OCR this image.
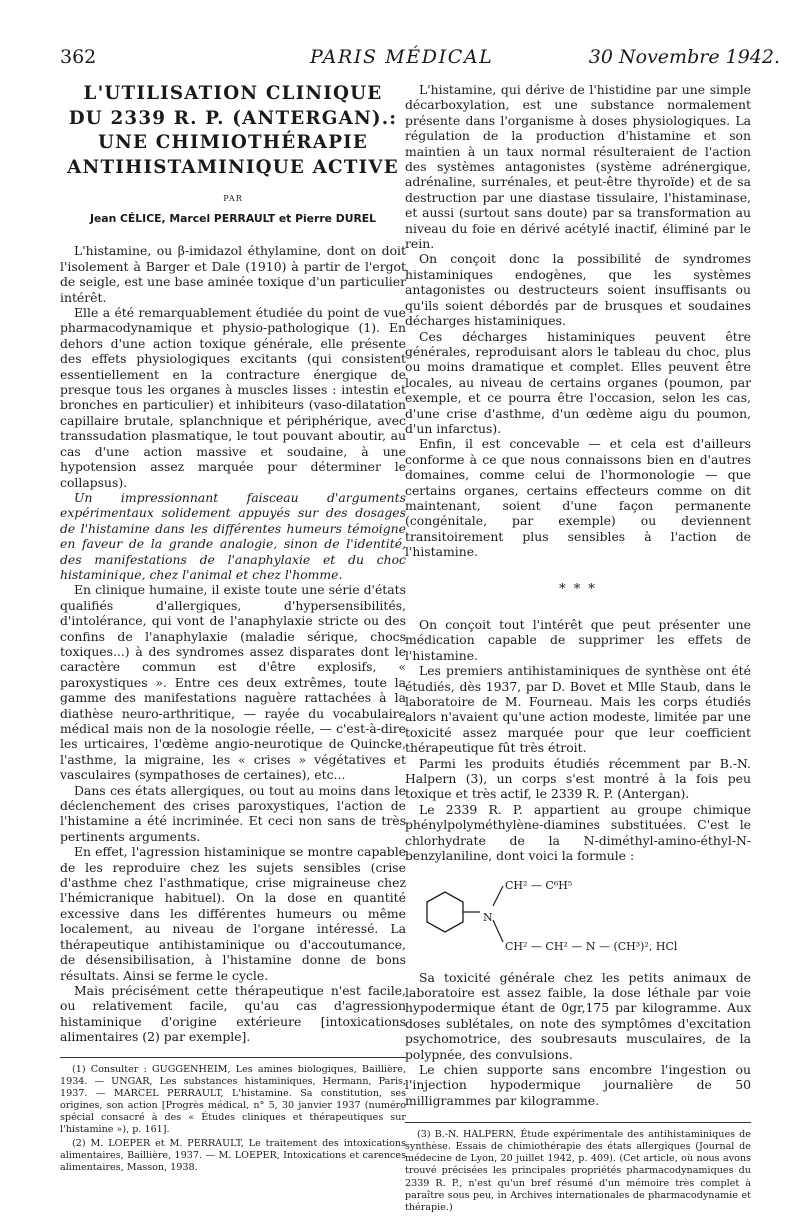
362	PARIS MÉDICAL	30 Novembre 1942.
L'UTILISATION CLINIQUE
DU 2339 R. P. (ANTERGAN).:
UNE CHIMIOTHÉRAPIE
ANTIHISTAMINIQUE ACTIVE
PAR
Jean CÉLICE, Marcel PERRAULT et Pierre DUREL

L'histamine, ou β-imidazol éthylamine, dont on doit l'isolement à Barger et Dale (1910) à partir de l'ergot de seigle, est une base aminée toxique d'un particulier intérêt.

Elle a été remarquablement étudiée du point de vue pharmacodynamique et physio-pathologique (1). En dehors d'une action toxique générale, elle présente des effets physiologiques excitants (qui consistent essentiellement en la contracture énergique de presque tous les organes à muscles lisses : intestin et bronches en particulier) et inhibiteurs (vaso-dilatation capillaire brutale, splanchnique et périphérique, avec transsudation plasmatique, le tout pouvant aboutir, au cas d'une action massive et soudaine, à une hypotension assez marquée pour déterminer le collapsus).

Un impressionnant faisceau d'arguments expérimentaux solidement appuyés sur des dosages de l'histamine dans les différentes humeurs témoigne en faveur de la grande analogie, sinon de l'identité, des manifestations de l'anaphylaxie et du choc histaminique, chez l'animal et chez l'homme.

En clinique humaine, il existe toute une série d'états qualifiés d'allergiques, d'hypersensibilités, d'intolérance, qui vont de l'anaphylaxie stricte ou des confins de l'anaphylaxie (maladie sérique, chocs toxiques...) à des syndromes assez disparates dont le caractère commun est d'être explosifs, « paroxystiques ». Entre ces deux extrêmes, toute la gamme des manifestations naguère rattachées à la diathèse neuro-arthritique, — rayée du vocabulaire médical mais non de la nosologie réelle, — c'est-à-dire les urticaires, l'œdème angio-neurotique de Quincke, l'asthme, la migraine, les « crises » végétatives et vasculaires (sympathoses de certaines), etc...

Dans ces états allergiques, ou tout au moins dans le déclenchement des crises paroxystiques, l'action de l'histamine a été incriminée. Et ceci non sans de très pertinents arguments.

En effet, l'agression histaminique se montre capable de les reproduire chez les sujets sensibles (crise d'asthme chez l'asthmatique, crise migraineuse chez l'hémicranique habituel). On la dose en quantité excessive dans les différentes humeurs ou même localement, au niveau de l'organe intéressé. La thérapeutique antihistaminique ou d'accoutumance, de désensibilisation, à l'histamine donne de bons résultats. Ainsi se ferme le cycle.

Mais précisément cette thérapeutique n'est facile, ou relativement facile, qu'au cas d'agression histaminique d'origine extérieure [intoxications alimentaires (2) par exemple].

(1) Consulter : GUGGENHEIM, Les amines biologiques, Baillière, 1934. — UNGAR, Les substances histaminiques, Hermann, Paris, 1937. — MARCEL PERRAULT, L'histamine. Sa constitution, ses origines, son action [Progrès médical, n° 5, 30 janvier 1937 (numéro spécial consacré à des « Études cliniques et thérapeutiques sur l'histamine »), p. 161].

(2) M. LOEPER et M. PERRAULT, Le traitement des intoxications alimentaires, Baillière, 1937. — M. LOEPER, Intoxications et carences alimentaires, Masson, 1938.

L'histamine, qui dérive de l'histidine par une simple décarboxylation, est une substance normalement présente dans l'organisme à doses physiologiques. La régulation de la production d'histamine et son maintien à un taux normal résulteraient de l'action des systèmes antagonistes (système adrénergique, adrénaline, surrénales, et peut-être thyroïde) et de sa destruction par une diastase tissulaire, l'histaminase, et aussi (surtout sans doute) par sa transformation au niveau du foie en dérivé acétylé inactif, éliminé par le rein.

On conçoit donc la possibilité de syndromes histaminiques endogènes, que les systèmes antagonistes ou destructeurs soient insuffisants ou qu'ils soient débordés par de brusques et soudaines décharges histaminiques.

Ces décharges histaminiques peuvent être générales, reproduisant alors le tableau du choc, plus ou moins dramatique et complet. Elles peuvent être locales, au niveau de certains organes (poumon, par exemple, et ce pourra être l'occasion, selon les cas, d'une crise d'asthme, d'un œdème aigu du poumon, d'un infarctus).

Enfin, il est concevable — et cela est d'ailleurs conforme à ce que nous connaissons bien en d'autres domaines, comme celui de l'hormonologie — que certains organes, certains effecteurs comme on dit maintenant, soient d'une façon permanente (congénitale, par exemple) ou deviennent transitoirement plus sensibles à l'action de l'histamine.

* * *

On conçoit tout l'intérêt que peut présenter une médication capable de supprimer les effets de l'histamine.

Les premiers antihistaminiques de synthèse ont été étudiés, dès 1937, par D. Bovet et Mlle Staub, dans le laboratoire de M. Fourneau. Mais les corps étudiés alors n'avaient qu'une action modeste, limitée par une toxicité assez marquée pour que leur coefficient thérapeutique fût très étroit.

Parmi les produits étudiés récemment par B.-N. Halpern (3), un corps s'est montré à la fois peu toxique et très actif, le 2339 R. P. (Antergan).

Le 2339 R. P. appartient au groupe chimique phénylpolyméthylène-diamines substituées. C'est le chlorhydrate de la N-diméthyl-amino-éthyl-N-benzylaniline, dont voici la formule :

CH² — C⁶H⁵
N
CH² — CH² — N — (CH³)², HCl

Sa toxicité générale chez les petits animaux de laboratoire est assez faible, la dose léthale par voie hypodermique étant de 0gr,175 par kilogramme. Aux doses sublétales, on note des symptômes d'excitation psychomotrice, des soubresauts musculaires, de la polypnée, des convulsions.

Le chien supporte sans encombre l'ingestion ou l'injection hypodermique journalière de 50 milligrammes par kilogramme.

(3) B.-N. HALPERN, Étude expérimentale des antihistaminiques de synthèse. Essais de chimiothérapie des états allergiques (Journal de médecine de Lyon, 20 juillet 1942, p. 409). (Cet article, où nous avons trouvé précisées les principales propriétés pharmacodynamiques du 2339 R. P., n'est qu'un bref résumé d'un mémoire très complet à paraître sous peu, in Archives internationales de pharmacodynamie et thérapie.)
